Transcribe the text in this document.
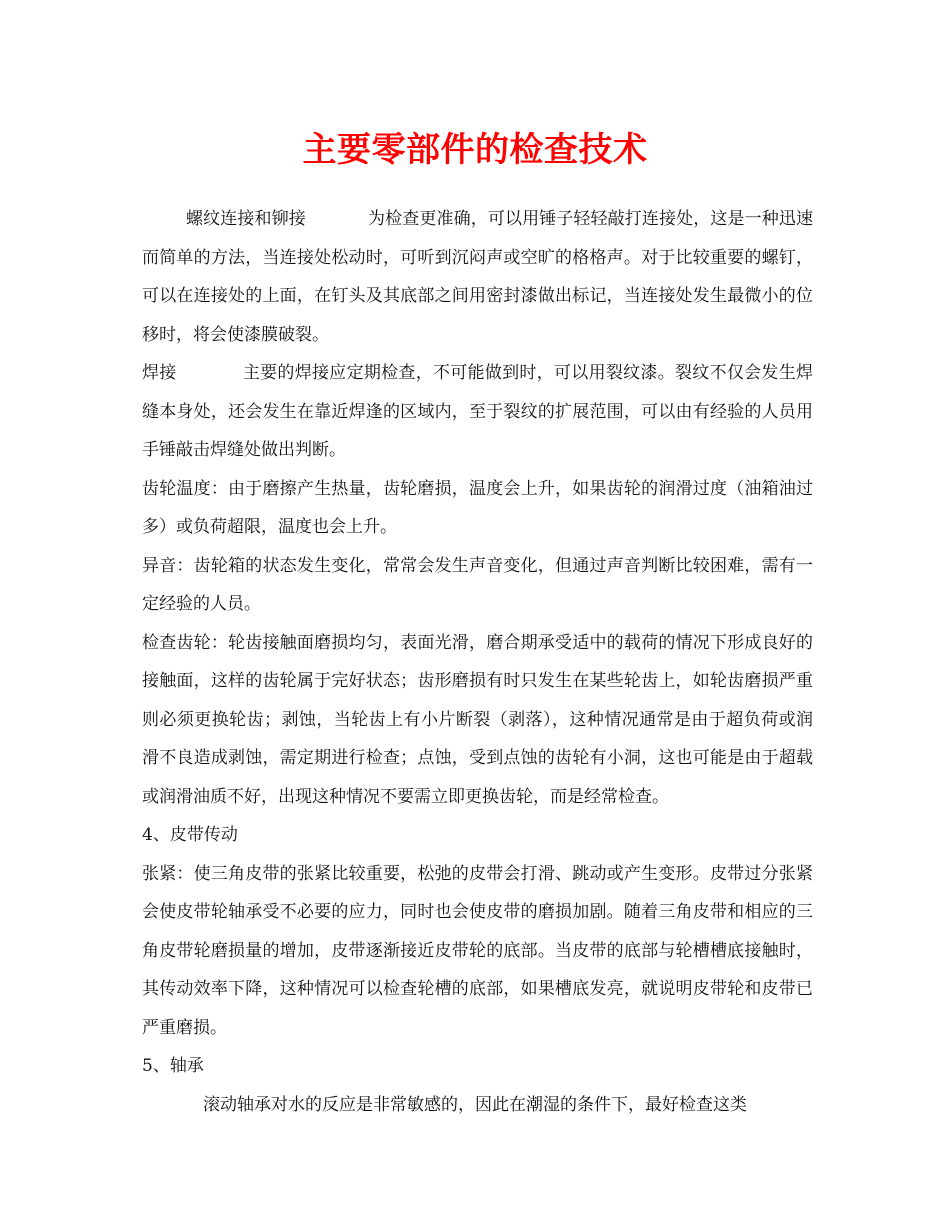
主要零部件的检查技术

螺纹连接和铆接	为检查更准确，可以用锤子轻轻敲打连接处，这是一种迅速而简单的方法，当连接处松动时，可听到沉闷声或空旷的格格声。对于比较重要的螺钉，可以在连接处的上面，在钉头及其底部之间用密封漆做出标记，当连接处发生最微小的位移时，将会使漆膜破裂。

焊接	主要的焊接应定期检查，不可能做到时，可以用裂纹漆。裂纹不仅会发生焊缝本身处，还会发生在靠近焊逢的区域内，至于裂纹的扩展范围，可以由有经验的人员用手锤敲击焊缝处做出判断。

齿轮温度：由于磨擦产生热量，齿轮磨损，温度会上升，如果齿轮的润滑过度（油箱油过多）或负荷超限，温度也会上升。

异音：齿轮箱的状态发生变化，常常会发生声音变化，但通过声音判断比较困难，需有一定经验的人员。

检查齿轮：轮齿接触面磨损均匀，表面光滑，磨合期承受适中的载荷的情况下形成良好的接触面，这样的齿轮属于完好状态；齿形磨损有时只发生在某些轮齿上，如轮齿磨损严重则必须更换轮齿；剥蚀，当轮齿上有小片断裂（剥落），这种情况通常是由于超负荷或润滑不良造成剥蚀，需定期进行检查；点蚀，受到点蚀的齿轮有小洞，这也可能是由于超载或润滑油质不好，出现这种情况不要需立即更换齿轮，而是经常检查。

4、皮带传动

张紧：使三角皮带的张紧比较重要，松弛的皮带会打滑、跳动或产生变形。皮带过分张紧会使皮带轮轴承受不必要的应力，同时也会使皮带的磨损加剧。随着三角皮带和相应的三角皮带轮磨损量的增加，皮带逐渐接近皮带轮的底部。当皮带的底部与轮槽槽底接触时，其传动效率下降，这种情况可以检查轮槽的底部，如果槽底发亮，就说明皮带轮和皮带已严重磨损。

5、轴承

滚动轴承对水的反应是非常敏感的，因此在潮湿的条件下，最好检查这类
